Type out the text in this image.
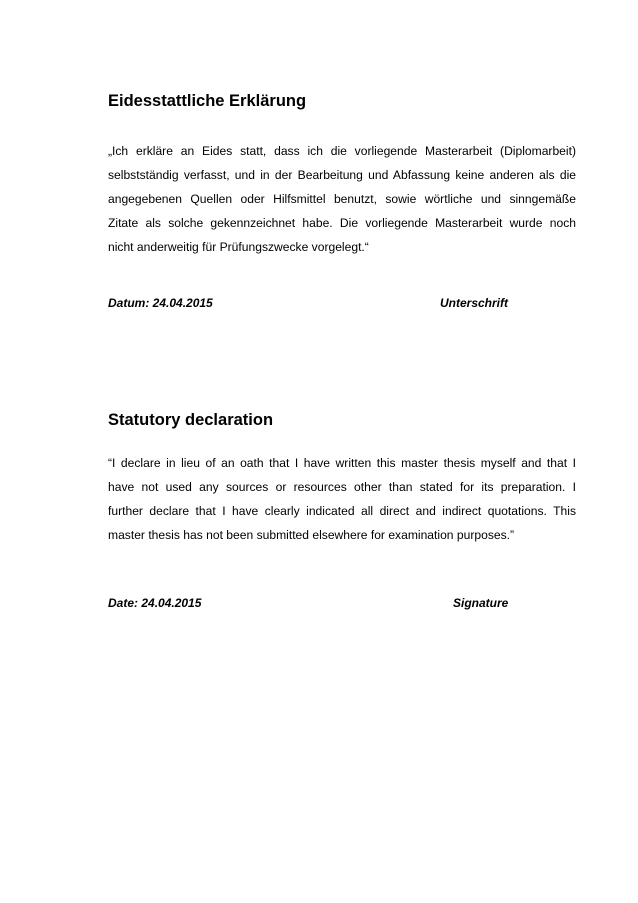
Eidesstattliche Erklärung
„Ich erkläre an Eides statt, dass ich die vorliegende Masterarbeit (Diplomarbeit)
selbstständig verfasst, und in der Bearbeitung und Abfassung keine anderen als die
angegebenen Quellen oder Hilfsmittel benutzt, sowie wörtliche und sinngemäße
Zitate als solche gekennzeichnet habe. Die vorliegende Masterarbeit wurde noch
nicht anderweitig für Prüfungszwecke vorgelegt.“
Datum: 24.04.2015	Unterschrift
Statutory declaration
“I declare in lieu of an oath that I have written this master thesis myself and that I
have not used any sources or resources other than stated for its preparation. I
further declare that I have clearly indicated all direct and indirect quotations. This
master thesis has not been submitted elsewhere for examination purposes.”
Date: 24.04.2015	Signature
